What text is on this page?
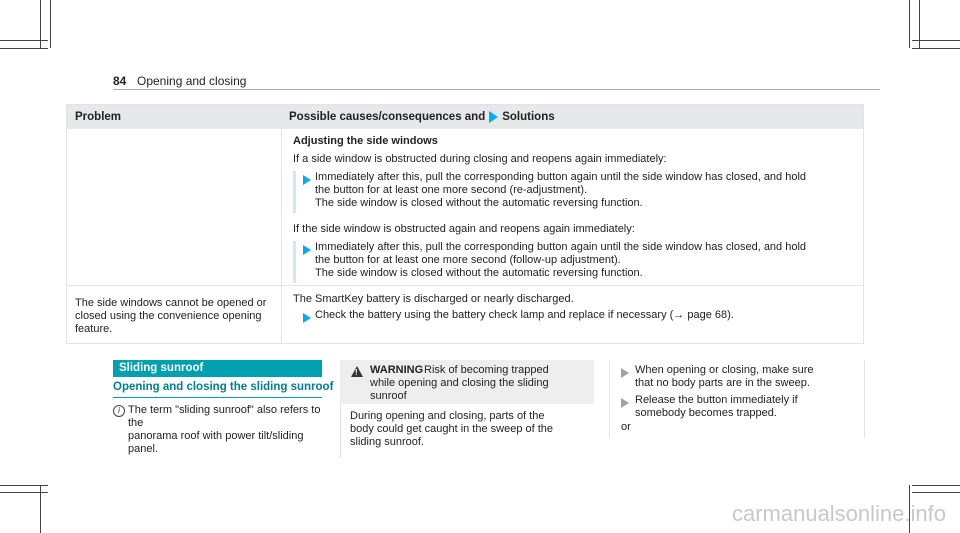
84 Opening and closing
Problem	Possible causes/consequences and Solutions
Adjusting the side windows
If a side window is obstructed during closing and reopens again immediately:
Immediately after this, pull the corresponding button again until the side window has closed, and hold
the button for at least one more second (re-adjustment).
The side window is closed without the automatic reversing function.
If the side window is obstructed again and reopens again immediately:
Immediately after this, pull the corresponding button again until the side window has closed, and hold
the button for at least one more second (follow-up adjustment).
The side window is closed without the automatic reversing function.
The side windows cannot be opened or
closed using the convenience opening
feature.
The SmartKey battery is discharged or nearly discharged.
Check the battery using the battery check lamp and replace if necessary (→ page 68).
Sliding sunroof
Opening and closing the sliding sunroof
i The term "sliding sunroof" also refers to the
panorama roof with power tilt/sliding panel.
! WARNING Risk of becoming trapped
while opening and closing the sliding
sunroof
During opening and closing, parts of the
body could get caught in the sweep of the
sliding sunroof.
When opening or closing, make sure
that no body parts are in the sweep.
Release the button immediately if
somebody becomes trapped.
or
carmanualsonline.info
